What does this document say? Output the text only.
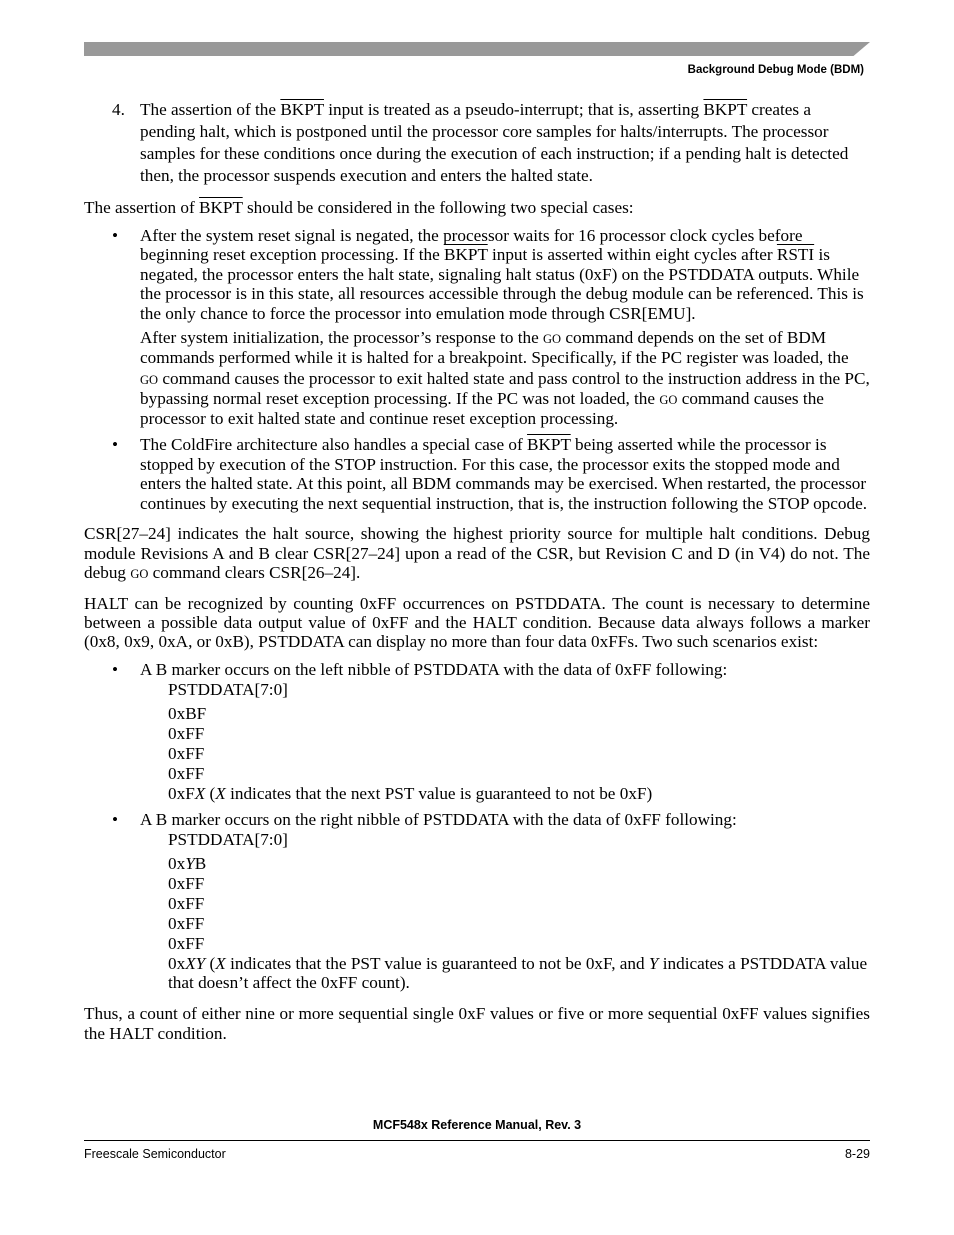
Background Debug Mode (BDM)
4. The assertion of the BKPT input is treated as a pseudo-interrupt; that is, asserting BKPT creates a pending halt, which is postponed until the processor core samples for halts/interrupts. The processor samples for these conditions once during the execution of each instruction; if a pending halt is detected then, the processor suspends execution and enters the halted state.

The assertion of BKPT should be considered in the following two special cases:

• After the system reset signal is negated, the processor waits for 16 processor clock cycles before beginning reset exception processing. If the BKPT input is asserted within eight cycles after RSTI is negated, the processor enters the halt state, signaling halt status (0xF) on the PSTDDATA outputs. While the processor is in this state, all resources accessible through the debug module can be referenced. This is the only chance to force the processor into emulation mode through CSR[EMU].

After system initialization, the processor’s response to the GO command depends on the set of BDM commands performed while it is halted for a breakpoint. Specifically, if the PC register was loaded, the GO command causes the processor to exit halted state and pass control to the instruction address in the PC, bypassing normal reset exception processing. If the PC was not loaded, the GO command causes the processor to exit halted state and continue reset exception processing.

• The ColdFire architecture also handles a special case of BKPT being asserted while the processor is stopped by execution of the STOP instruction. For this case, the processor exits the stopped mode and enters the halted state. At this point, all BDM commands may be exercised. When restarted, the processor continues by executing the next sequential instruction, that is, the instruction following the STOP opcode.

CSR[27–24] indicates the halt source, showing the highest priority source for multiple halt conditions. Debug module Revisions A and B clear CSR[27–24] upon a read of the CSR, but Revision C and D (in V4) do not. The debug GO command clears CSR[26–24].

HALT can be recognized by counting 0xFF occurrences on PSTDDATA. The count is necessary to determine between a possible data output value of 0xFF and the HALT condition. Because data always follows a marker (0x8, 0x9, 0xA, or 0xB), PSTDDATA can display no more than four data 0xFFs. Two such scenarios exist:

• A B marker occurs on the left nibble of PSTDDATA with the data of 0xFF following:
PSTDDATA[7:0]
0xBF
0xFF
0xFF
0xFF
0xFX (X indicates that the next PST value is guaranteed to not be 0xF)
• A B marker occurs on the right nibble of PSTDDATA with the data of 0xFF following:
PSTDDATA[7:0]
0xYB
0xFF
0xFF
0xFF
0xFF
0xXY (X indicates that the PST value is guaranteed to not be 0xF, and Y indicates a PSTDDATA value that doesn’t affect the 0xFF count).

Thus, a count of either nine or more sequential single 0xF values or five or more sequential 0xFF values signifies the HALT condition.

MCF548x Reference Manual, Rev. 3
Freescale Semiconductor	8-29
